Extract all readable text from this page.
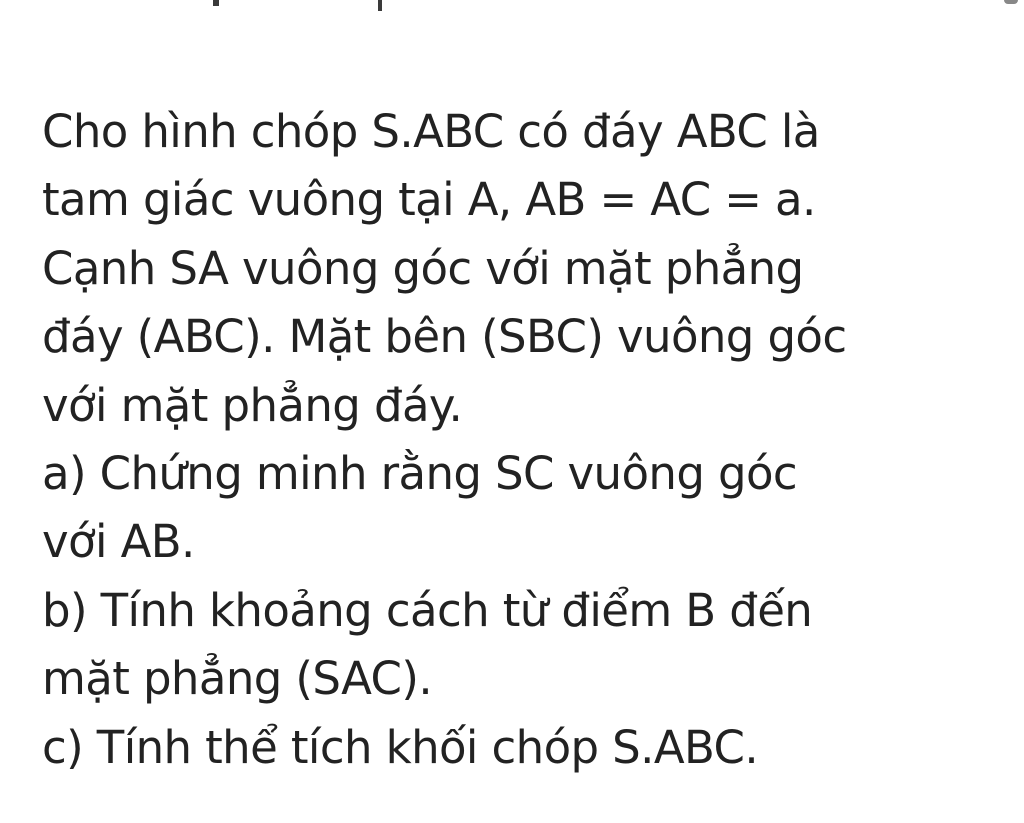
Cho hình chóp S.ABC có đáy ABC là
tam giác vuông tại A, AB = AC = a.
Cạnh SA vuông góc với mặt phẳng
đáy (ABC). Mặt bên (SBC) vuông góc
với mặt phẳng đáy.
a) Chứng minh rằng SC vuông góc
với AB.
b) Tính khoảng cách từ điểm B đến
mặt phẳng (SAC).
c) Tính thể tích khối chóp S.ABC.
